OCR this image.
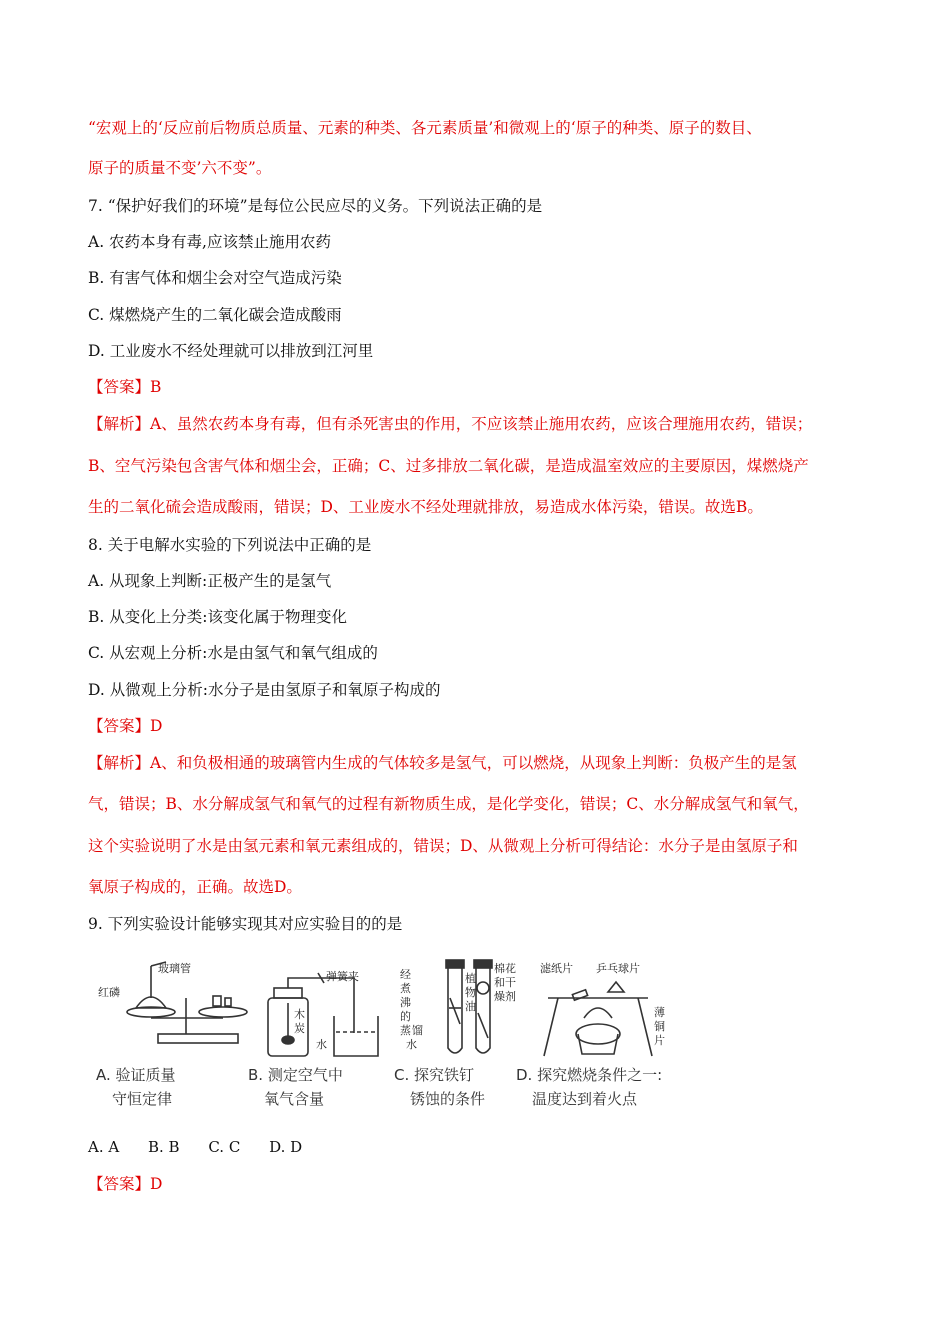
“宏观上的‘反应前后物质总质量、元素的种类、各元素质量’和微观上的‘原子的种类、原子的数目、
原子的质量不变’六不变”。
7. “保护好我们的环境”是每位公民应尽的义务。下列说法正确的是
A. 农药本身有毒,应该禁止施用农药
B. 有害气体和烟尘会对空气造成污染
C. 煤燃烧产生的二氧化碳会造成酸雨
D. 工业废水不经处理就可以排放到江河里
【答案】B
【解析】A、虽然农药本身有毒，但有杀死害虫的作用，不应该禁止施用农药，应该合理施用农药，错误；
B、空气污染包含害气体和烟尘会，正确；C、过多排放二氧化碳，是造成温室效应的主要原因，煤燃烧产
生的二氧化硫会造成酸雨，错误；D、工业废水不经处理就排放，易造成水体污染，错误。故选B。
8. 关于电解水实验的下列说法中正确的是
A. 从现象上判断:正极产生的是氢气
B. 从变化上分类:该变化属于物理变化
C. 从宏观上分析:水是由氢气和氧气组成的
D. 从微观上分析:水分子是由氢原子和氧原子构成的
【答案】D
【解析】A、和负极相通的玻璃管内生成的气体较多是氢气，可以燃烧，从现象上判断：负极产生的是氢
气，错误；B、水分解成氢气和氧气的过程有新物质生成，是化学变化，错误；C、水分解成氢气和氧气，
这个实验说明了水是由氢元素和氧元素组成的，错误；D、从微观上分析可得结论：水分子是由氢原子和
氧原子构成的，正确。故选D。
9. 下列实验设计能够实现其对应实验目的的是
玻璃管
红磷
弹簧夹
木
炭
水
经
煮
沸
的
蒸 馏
水
植
物
油
棉花
和干
燥剂
滤纸片 乒乓球片
薄
铜
片
A. 验证质量
守恒定律
B. 测定空气中
氧气含量
C. 探究铁钉
锈蚀的条件
D. 探究燃烧条件之一:
温度达到着火点
A. A B. B C. C D. D
【答案】D
